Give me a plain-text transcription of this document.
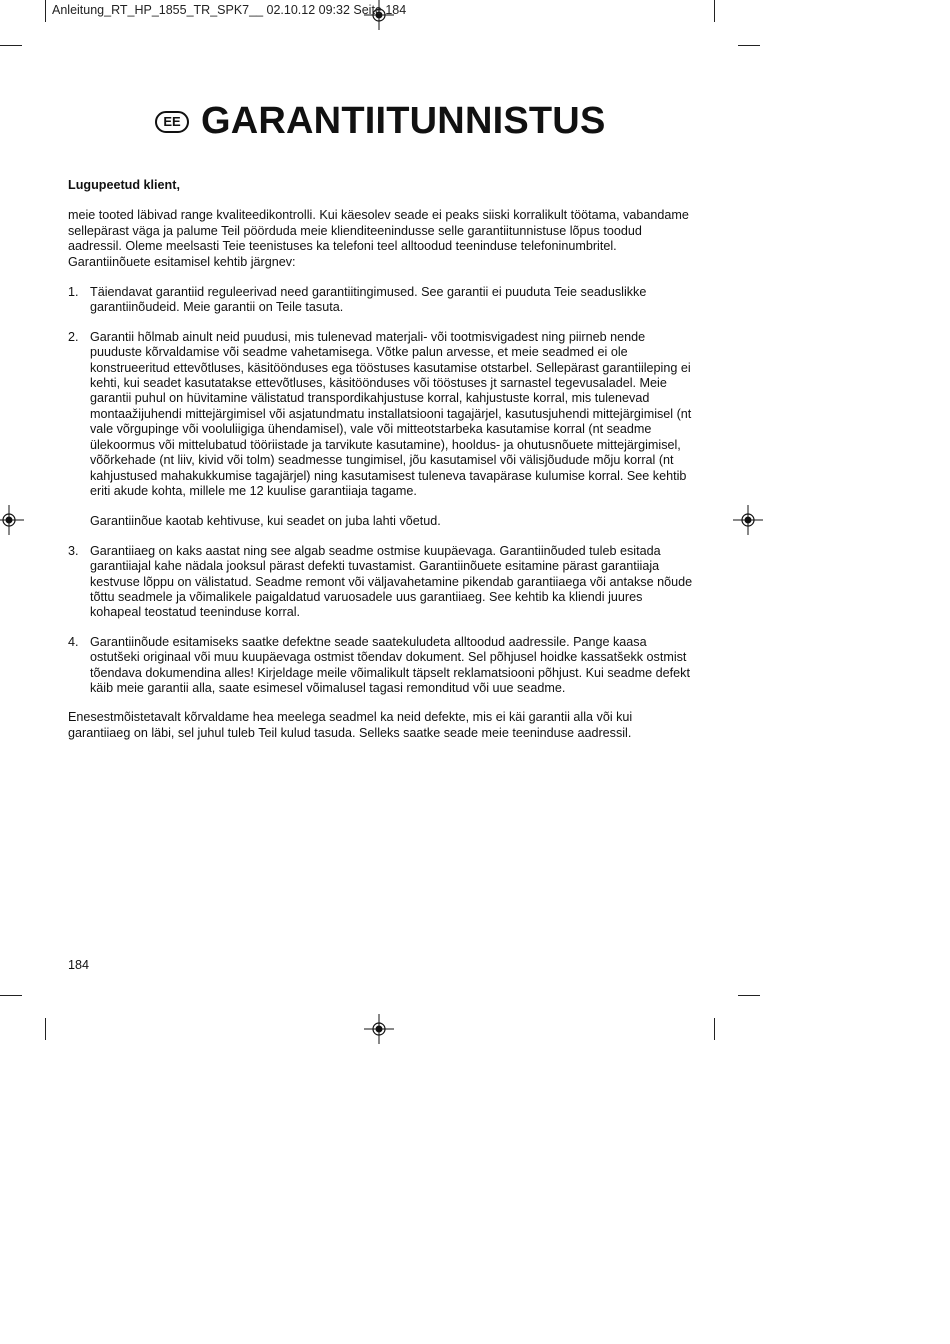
Anleitung_RT_HP_1855_TR_SPK7__ 02.10.12 09:32 Seite 184
EE GARANTIITUNNISTUS

Lugupeetud klient,

meie tooted läbivad range kvaliteedikontrolli. Kui käesolev seade ei peaks siiski korralikult töötama, vabandame sellepärast väga ja palume Teil pöörduda meie klienditeenindusse selle garantiitunnistuse lõpus toodud aadressil. Oleme meelsasti Teie teenistuses ka telefoni teel alltoodud teeninduse telefoninumbritel. Garantiinõuete esitamisel kehtib järgnev:

1. Täiendavat garantiid reguleerivad need garantiitingimused. See garantii ei puuduta Teie seaduslikke garantiinõudeid. Meie garantii on Teile tasuta.

2. Garantii hõlmab ainult neid puudusi, mis tulenevad materjali- või tootmisvigadest ning piirneb nende puuduste kõrvaldamise või seadme vahetamisega. Võtke palun arvesse, et meie seadmed ei ole konstrueeritud ettevõtluses, käsitöönduses ega tööstuses kasutamise otstarbel. Sellepärast garantiileping ei kehti, kui seadet kasutatakse ettevõtluses, käsitöönduses või tööstuses jt sarnastel tegevusaladel. Meie garantii puhul on hüvitamine välistatud transpordikahjustuse korral, kahjustuste korral, mis tulenevad montaažijuhendi mittejärgimisel või asjatundmatu installatsiooni tagajärjel, kasutusjuhendi mittejärgimisel (nt vale võrgupinge või vooluliigiga ühendamisel), vale või mitteotstarbeka kasutamise korral (nt seadme ülekoormus või mittelubatud tööriistade ja tarvikute kasutamine), hooldus- ja ohutusnõuete mittejärgimisel, võõrkehade (nt liiv, kivid või tolm) seadmesse tungimisel, jõu kasutamisel või välisjõudude mõju korral (nt kahjustused mahakukkumise tagajärjel) ning kasutamisest tuleneva tavapärase kulumise korral. See kehtib eriti akude kohta, millele me 12 kuulise garantiiaja tagame.

Garantiinõue kaotab kehtivuse, kui seadet on juba lahti võetud.

3. Garantiiaeg on kaks aastat ning see algab seadme ostmise kuupäevaga. Garantiinõuded tuleb esitada garantiiajal kahe nädala jooksul pärast defekti tuvastamist. Garantiinõuete esitamine pärast garantiiaja kestvuse lõppu on välistatud. Seadme remont või väljavahetamine pikendab garantiiaega või antakse nõude tõttu seadmele ja võimalikele paigaldatud varuosadele uus garantiiaeg. See kehtib ka kliendi juures kohapeal teostatud teeninduse korral.

4. Garantiinõude esitamiseks saatke defektne seade saatekuludeta alltoodud aadressile. Pange kaasa ostutšeki originaal või muu kuupäevaga ostmist tõendav dokument. Sel põhjusel hoidke kassatšekk ostmist tõendava dokumendina alles! Kirjeldage meile võimalikult täpselt reklamatsiooni põhjust. Kui seadme defekt käib meie garantii alla, saate esimesel võimalusel tagasi remonditud või uue seadme.

Enesestmõistetavalt kõrvaldame hea meelega seadmel ka neid defekte, mis ei käi garantii alla või kui garantiiaeg on läbi, sel juhul tuleb Teil kulud tasuda. Selleks saatke seade meie teeninduse aadressil.

184
